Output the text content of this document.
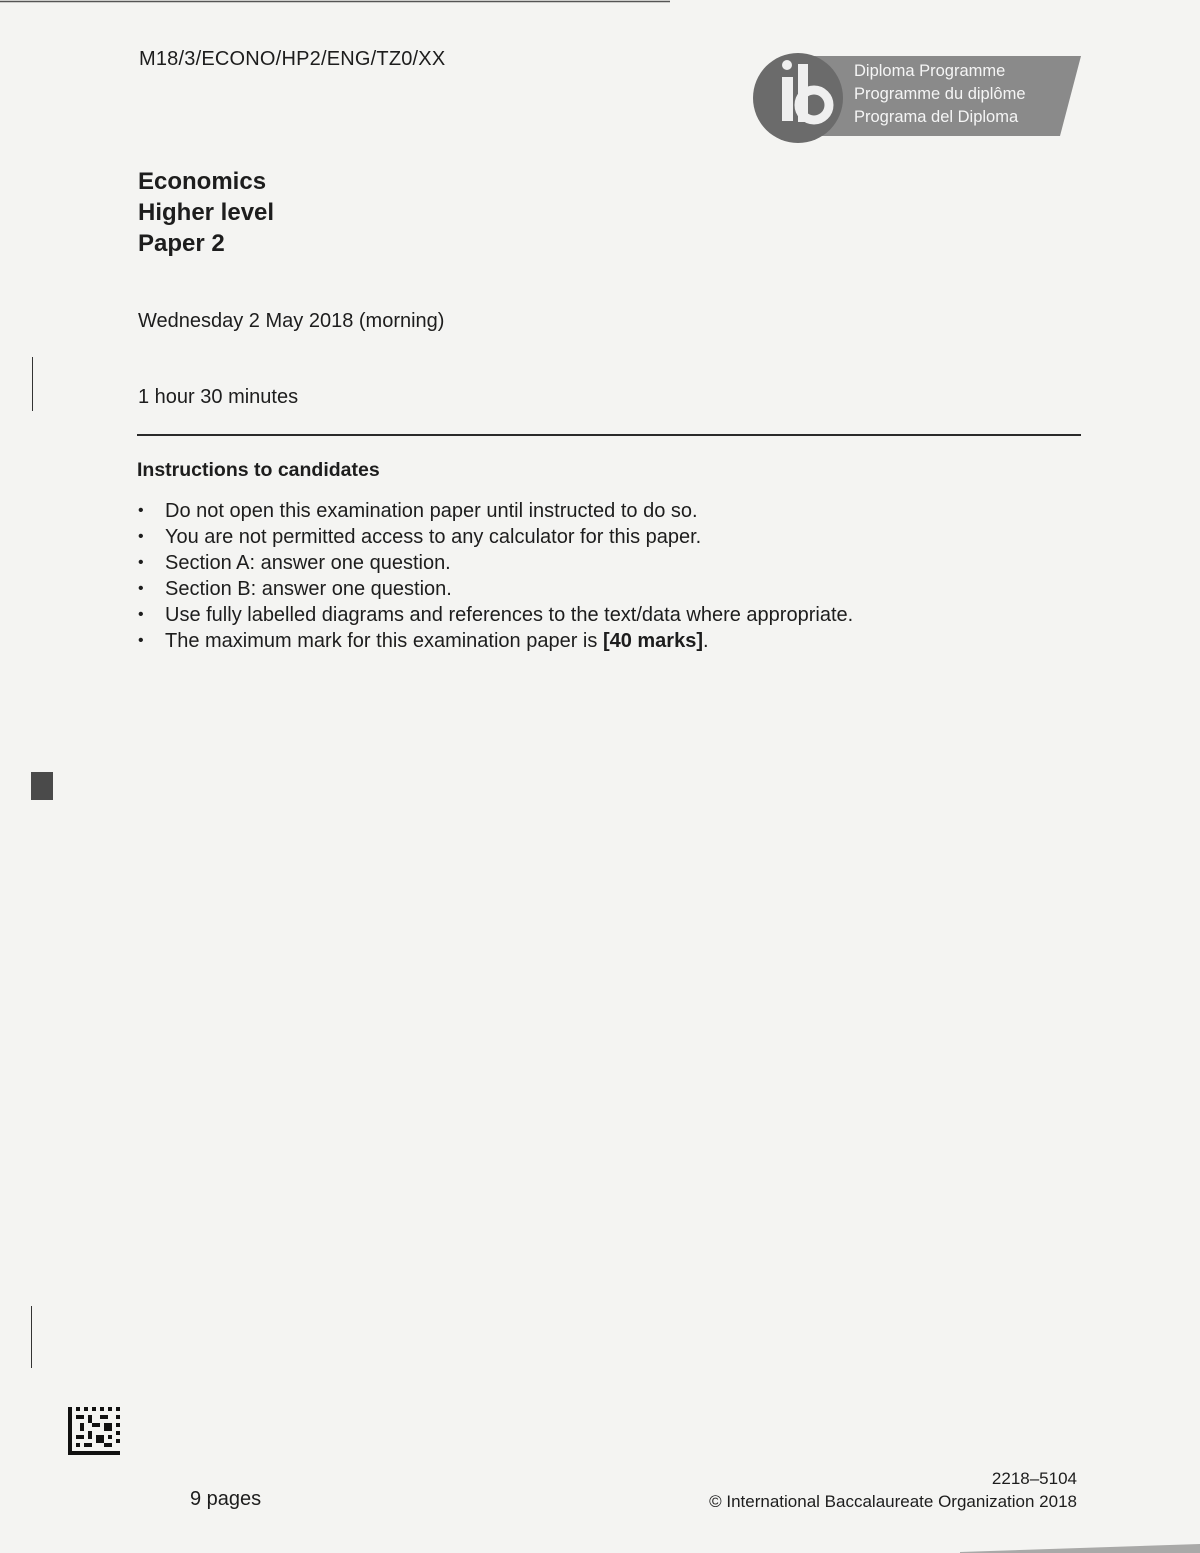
M18/3/ECONO/HP2/ENG/TZ0/XX
Diploma Programme
Programme du diplôme
Programa del Diploma
Economics
Higher level
Paper 2
Wednesday 2 May 2018 (morning)
1 hour 30 minutes
Instructions to candidates
• Do not open this examination paper until instructed to do so.
• You are not permitted access to any calculator for this paper.
• Section A: answer one question.
• Section B: answer one question.
• Use fully labelled diagrams and references to the text/data where appropriate.
• The maximum mark for this examination paper is [40 marks].
9 pages
2218–5104
© International Baccalaureate Organization 2018
